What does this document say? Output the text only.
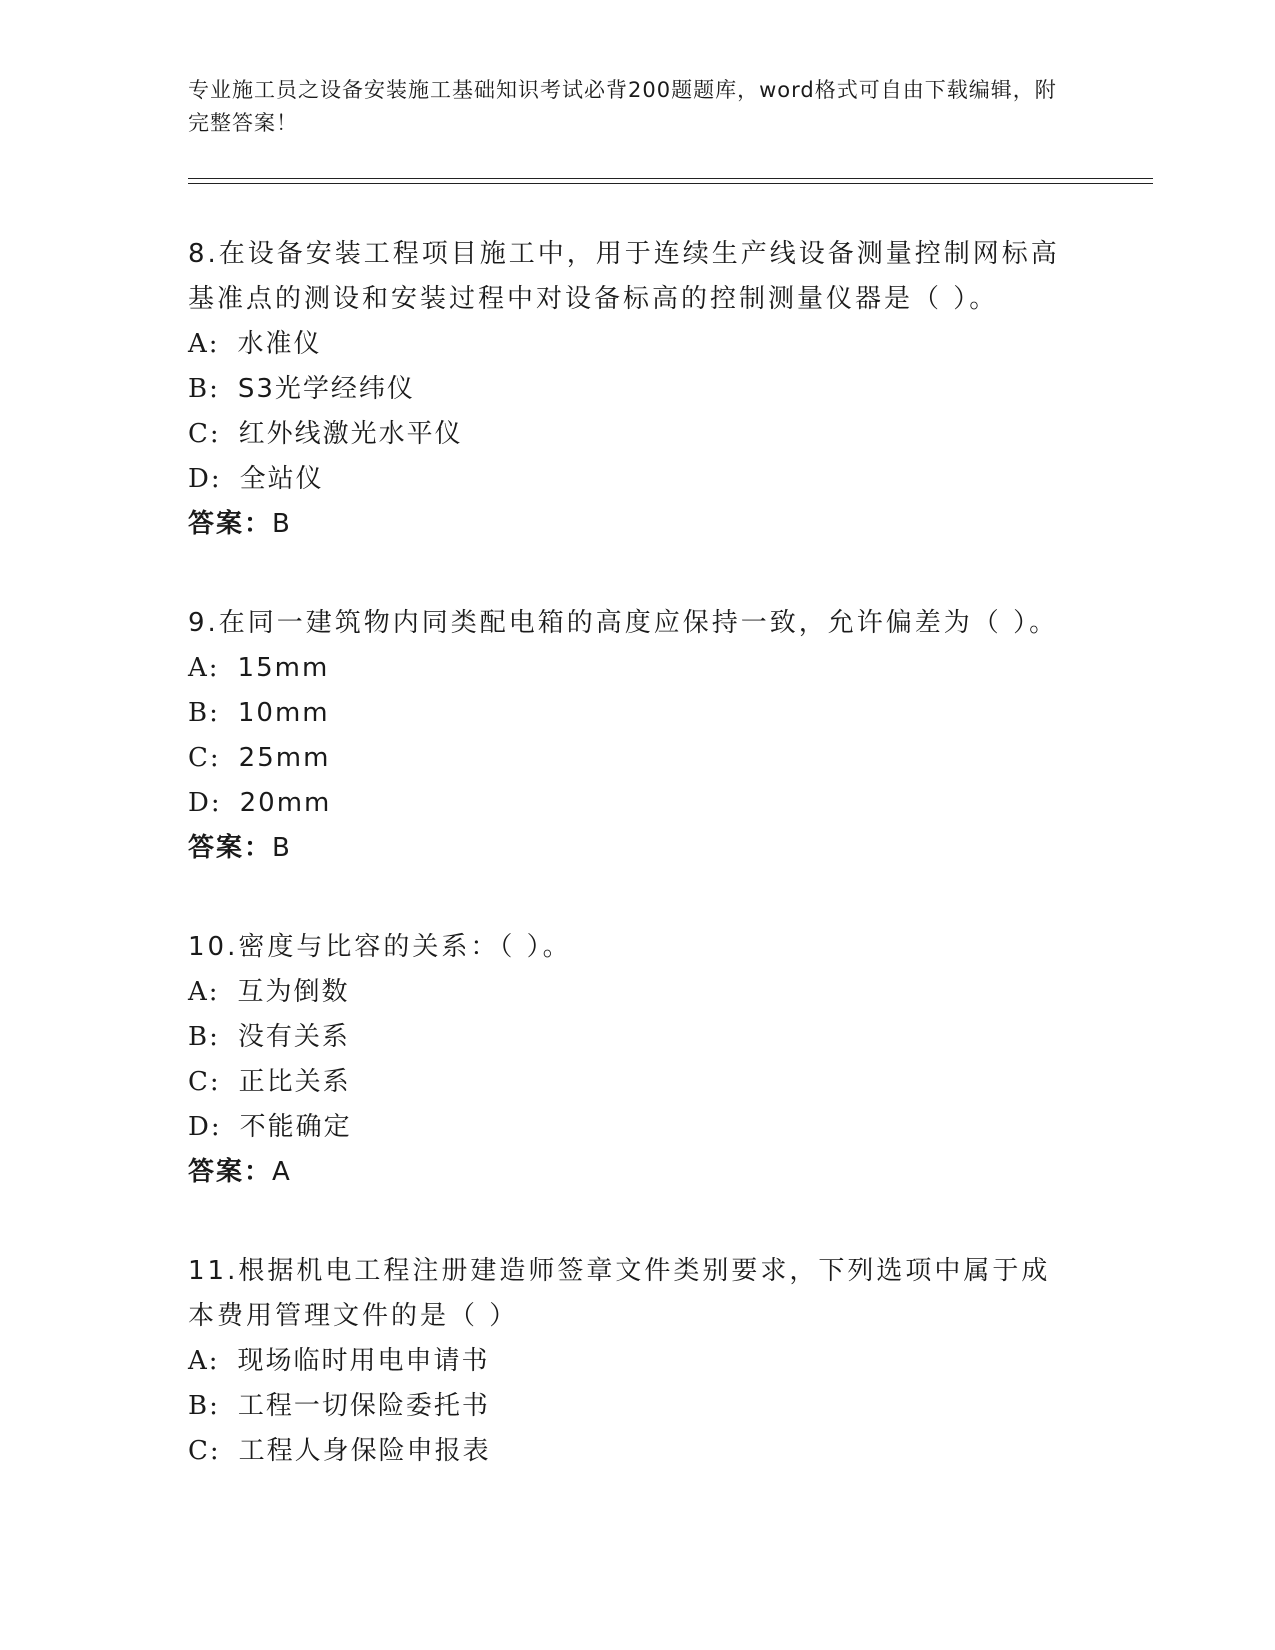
专业施工员之设备安装施工基础知识考试必背200题题库，word格式可自由下载编辑，附完整答案！
8.在设备安装工程项目施工中，用于连续生产线设备测量控制网标高基准点的测设和安装过程中对设备标高的控制测量仪器是（ ）。
A: 水准仪
B: S3光学经纬仪
C: 红外线激光水平仪
D: 全站仪
答案：B
9.在同一建筑物内同类配电箱的高度应保持一致，允许偏差为（ ）。
A: 15mm
B: 10mm
C: 25mm
D: 20mm
答案：B
10.密度与比容的关系：（ ）。
A: 互为倒数
B: 没有关系
C: 正比关系
D: 不能确定
答案：A
11.根据机电工程注册建造师签章文件类别要求，下列选项中属于成本费用管理文件的是（ ）
A: 现场临时用电申请书
B: 工程一切保险委托书
C: 工程人身保险申报表
